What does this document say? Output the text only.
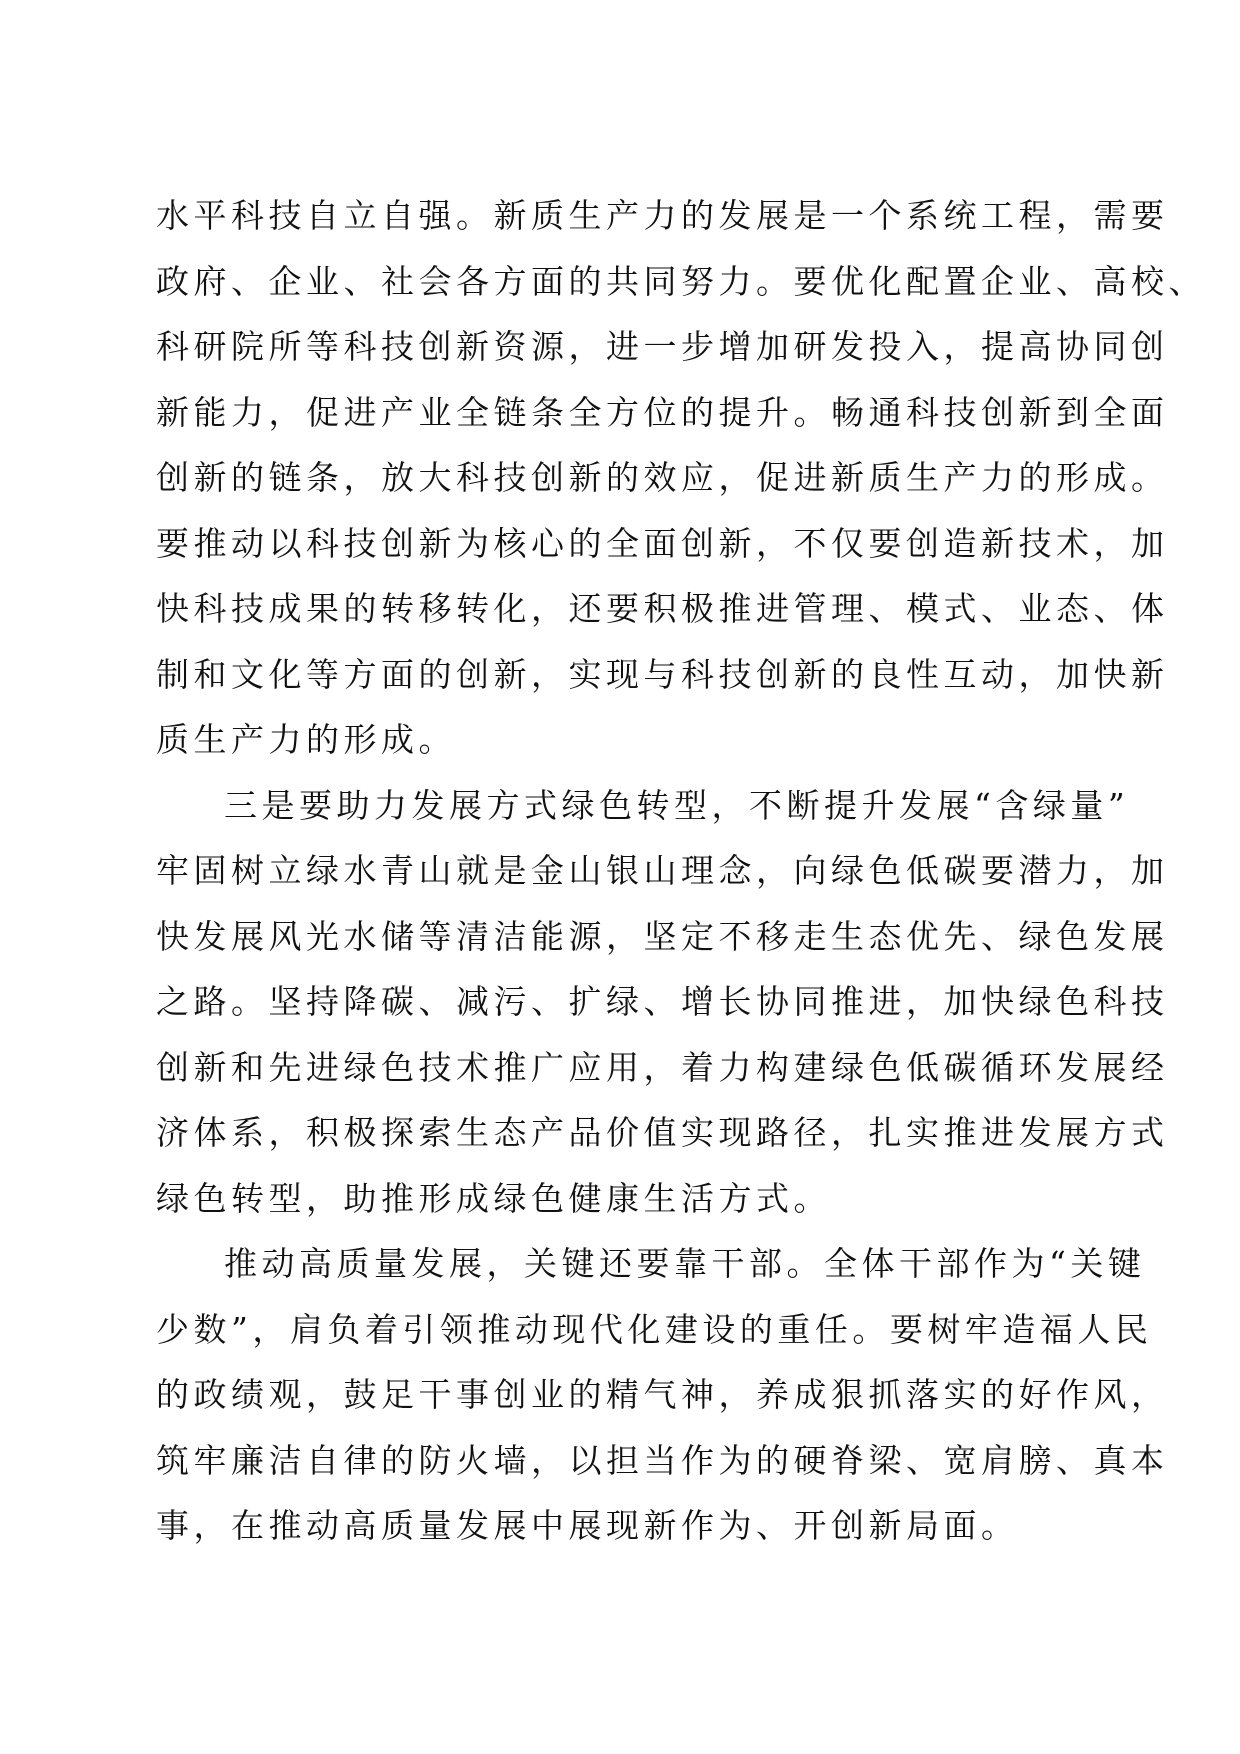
水平科技自立自强。新质生产力的发展是一个系统工程，需要
政府、企业、社会各方面的共同努力。要优化配置企业、高校、
科研院所等科技创新资源，进一步增加研发投入，提高协同创
新能力，促进产业全链条全方位的提升。畅通科技创新到全面
创新的链条，放大科技创新的效应，促进新质生产力的形成。
要推动以科技创新为核心的全面创新，不仅要创造新技术，加
快科技成果的转移转化，还要积极推进管理、模式、业态、体
制和文化等方面的创新，实现与科技创新的良性互动，加快新
质生产力的形成。
三是要助力发展方式绿色转型，不断提升发展“含绿量”
牢固树立绿水青山就是金山银山理念，向绿色低碳要潜力，加
快发展风光水储等清洁能源，坚定不移走生态优先、绿色发展
之路。坚持降碳、减污、扩绿、增长协同推进，加快绿色科技
创新和先进绿色技术推广应用，着力构建绿色低碳循环发展经
济体系，积极探索生态产品价值实现路径，扎实推进发展方式
绿色转型，助推形成绿色健康生活方式。
推动高质量发展，关键还要靠干部。全体干部作为“关键
少数”，肩负着引领推动现代化建设的重任。要树牢造福人民
的政绩观，鼓足干事创业的精气神，养成狠抓落实的好作风，
筑牢廉洁自律的防火墙，以担当作为的硬脊梁、宽肩膀、真本
事，在推动高质量发展中展现新作为、开创新局面。
